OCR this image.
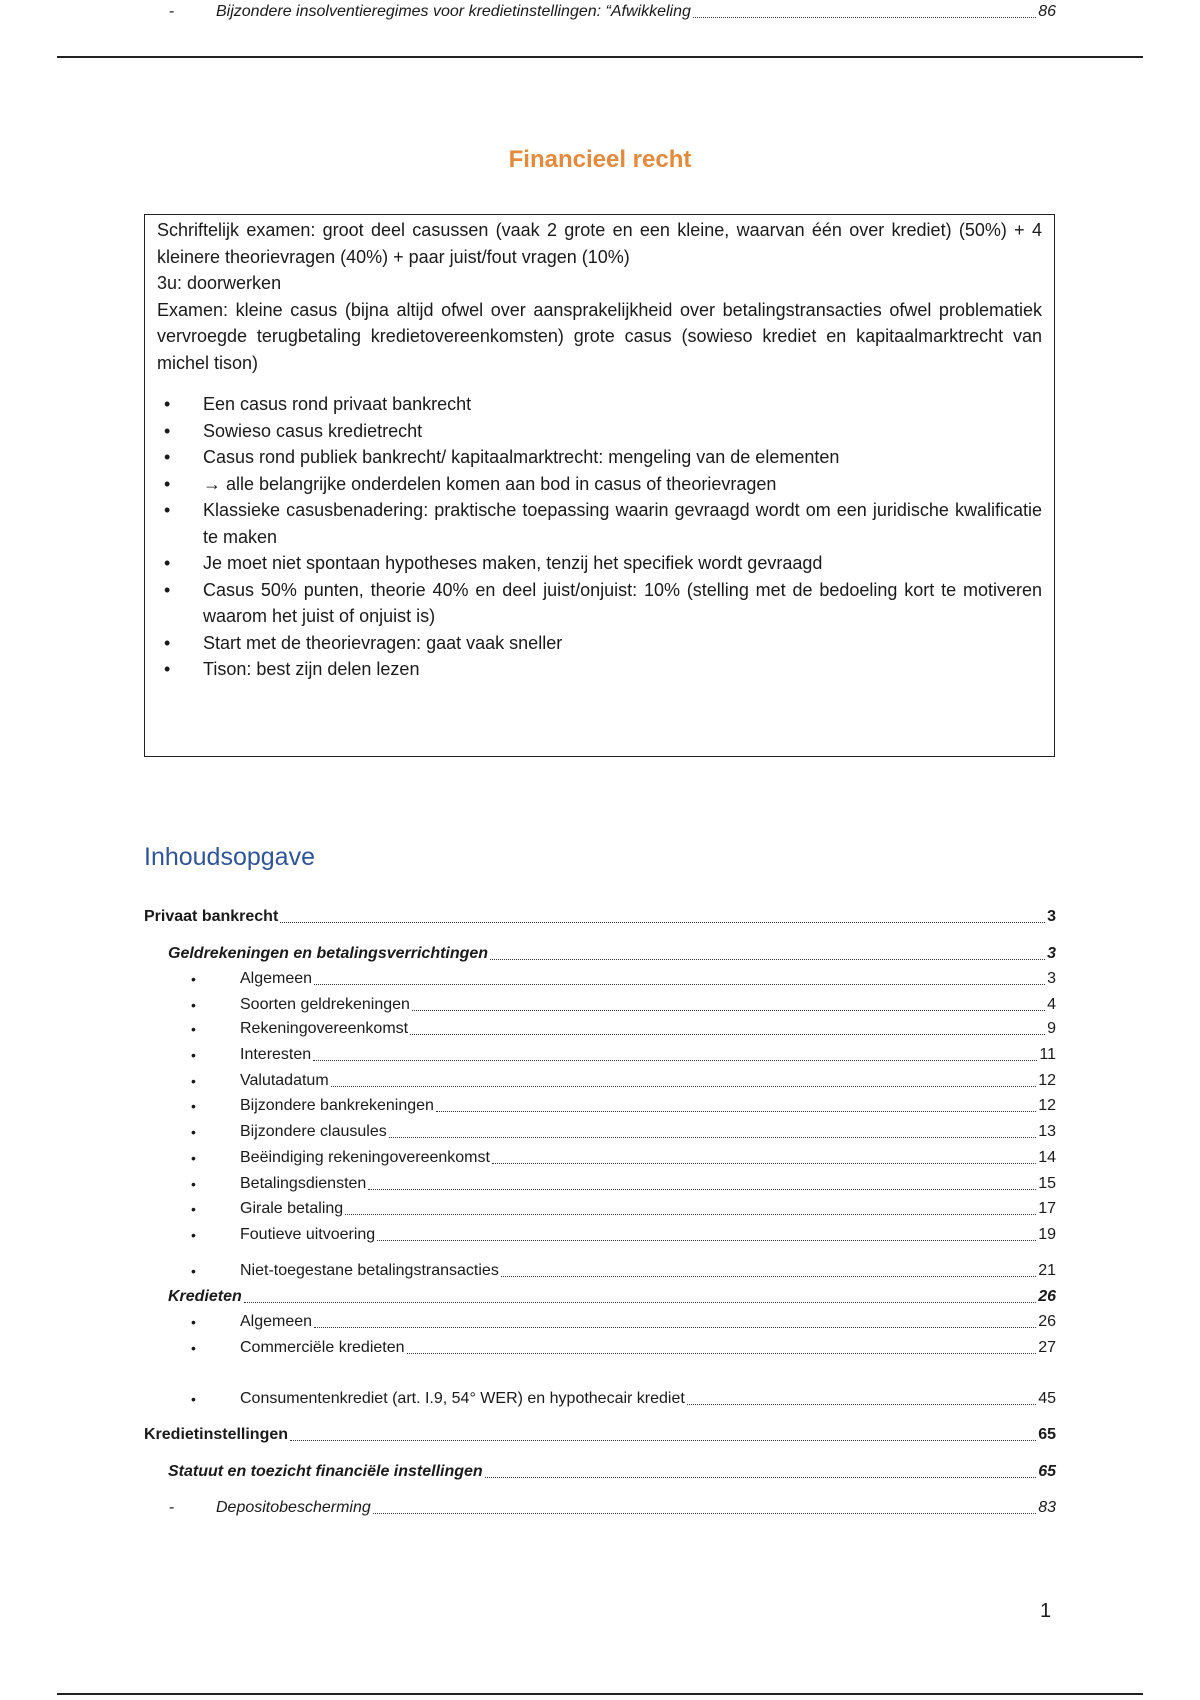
Financieel recht

Schriftelijk examen: groot deel casussen (vaak 2 grote en een kleine, waarvan één over krediet) (50%) + 4 kleinere theorievragen (40%) + paar juist/fout vragen (10%)

3u: doorwerken

Examen: kleine casus (bijna altijd ofwel over aansprakelijkheid over betalingstransacties ofwel problematiek vervroegde terugbetaling kredietovereenkomsten) grote casus (sowieso krediet en kapitaalmarktrecht van michel tison)

• Een casus rond privaat bankrecht
• Sowieso casus kredietrecht
• Casus rond publiek bankrecht/ kapitaalmarktrecht: mengeling van de elementen
• → alle belangrijke onderdelen komen aan bod in casus of theorievragen
• Klassieke casusbenadering: praktische toepassing waarin gevraagd wordt om een juridische kwalificatie te maken
• Je moet niet spontaan hypotheses maken, tenzij het specifiek wordt gevraagd
• Casus 50% punten, theorie 40% en deel juist/onjuist: 10% (stelling met de bedoeling kort te motiveren waarom het juist of onjuist is)
• Start met de theorievragen: gaat vaak sneller
• Tison: best zijn delen lezen
Inhoudsopgave
Privaat bankrecht	3
Geldrekeningen en betalingsverrichtingen	3
•	Algemeen	3
•	Soorten geldrekeningen	4
•	Rekeningovereenkomst	9
•	Interesten	11
•	Valutadatum	12
•	Bijzondere bankrekeningen	12
•	Bijzondere clausules	13
•	Beëindiging rekeningovereenkomst	14
•	Betalingsdiensten	15
•	Girale betaling	17
•	Foutieve uitvoering	19
•	Niet-toegestane betalingstransacties	21
Kredieten	26
•	Algemeen	26
•	Commerciële kredieten	27
•	Consumentenkrediet (art. I.9, 54° WER) en hypothecair krediet	45
Kredietinstellingen	65
Statuut en toezicht financiële instellingen	65
-	Depositobescherming	83
-	Bijzondere insolventieregimes voor kredietinstellingen: “Afwikkeling	86
1
